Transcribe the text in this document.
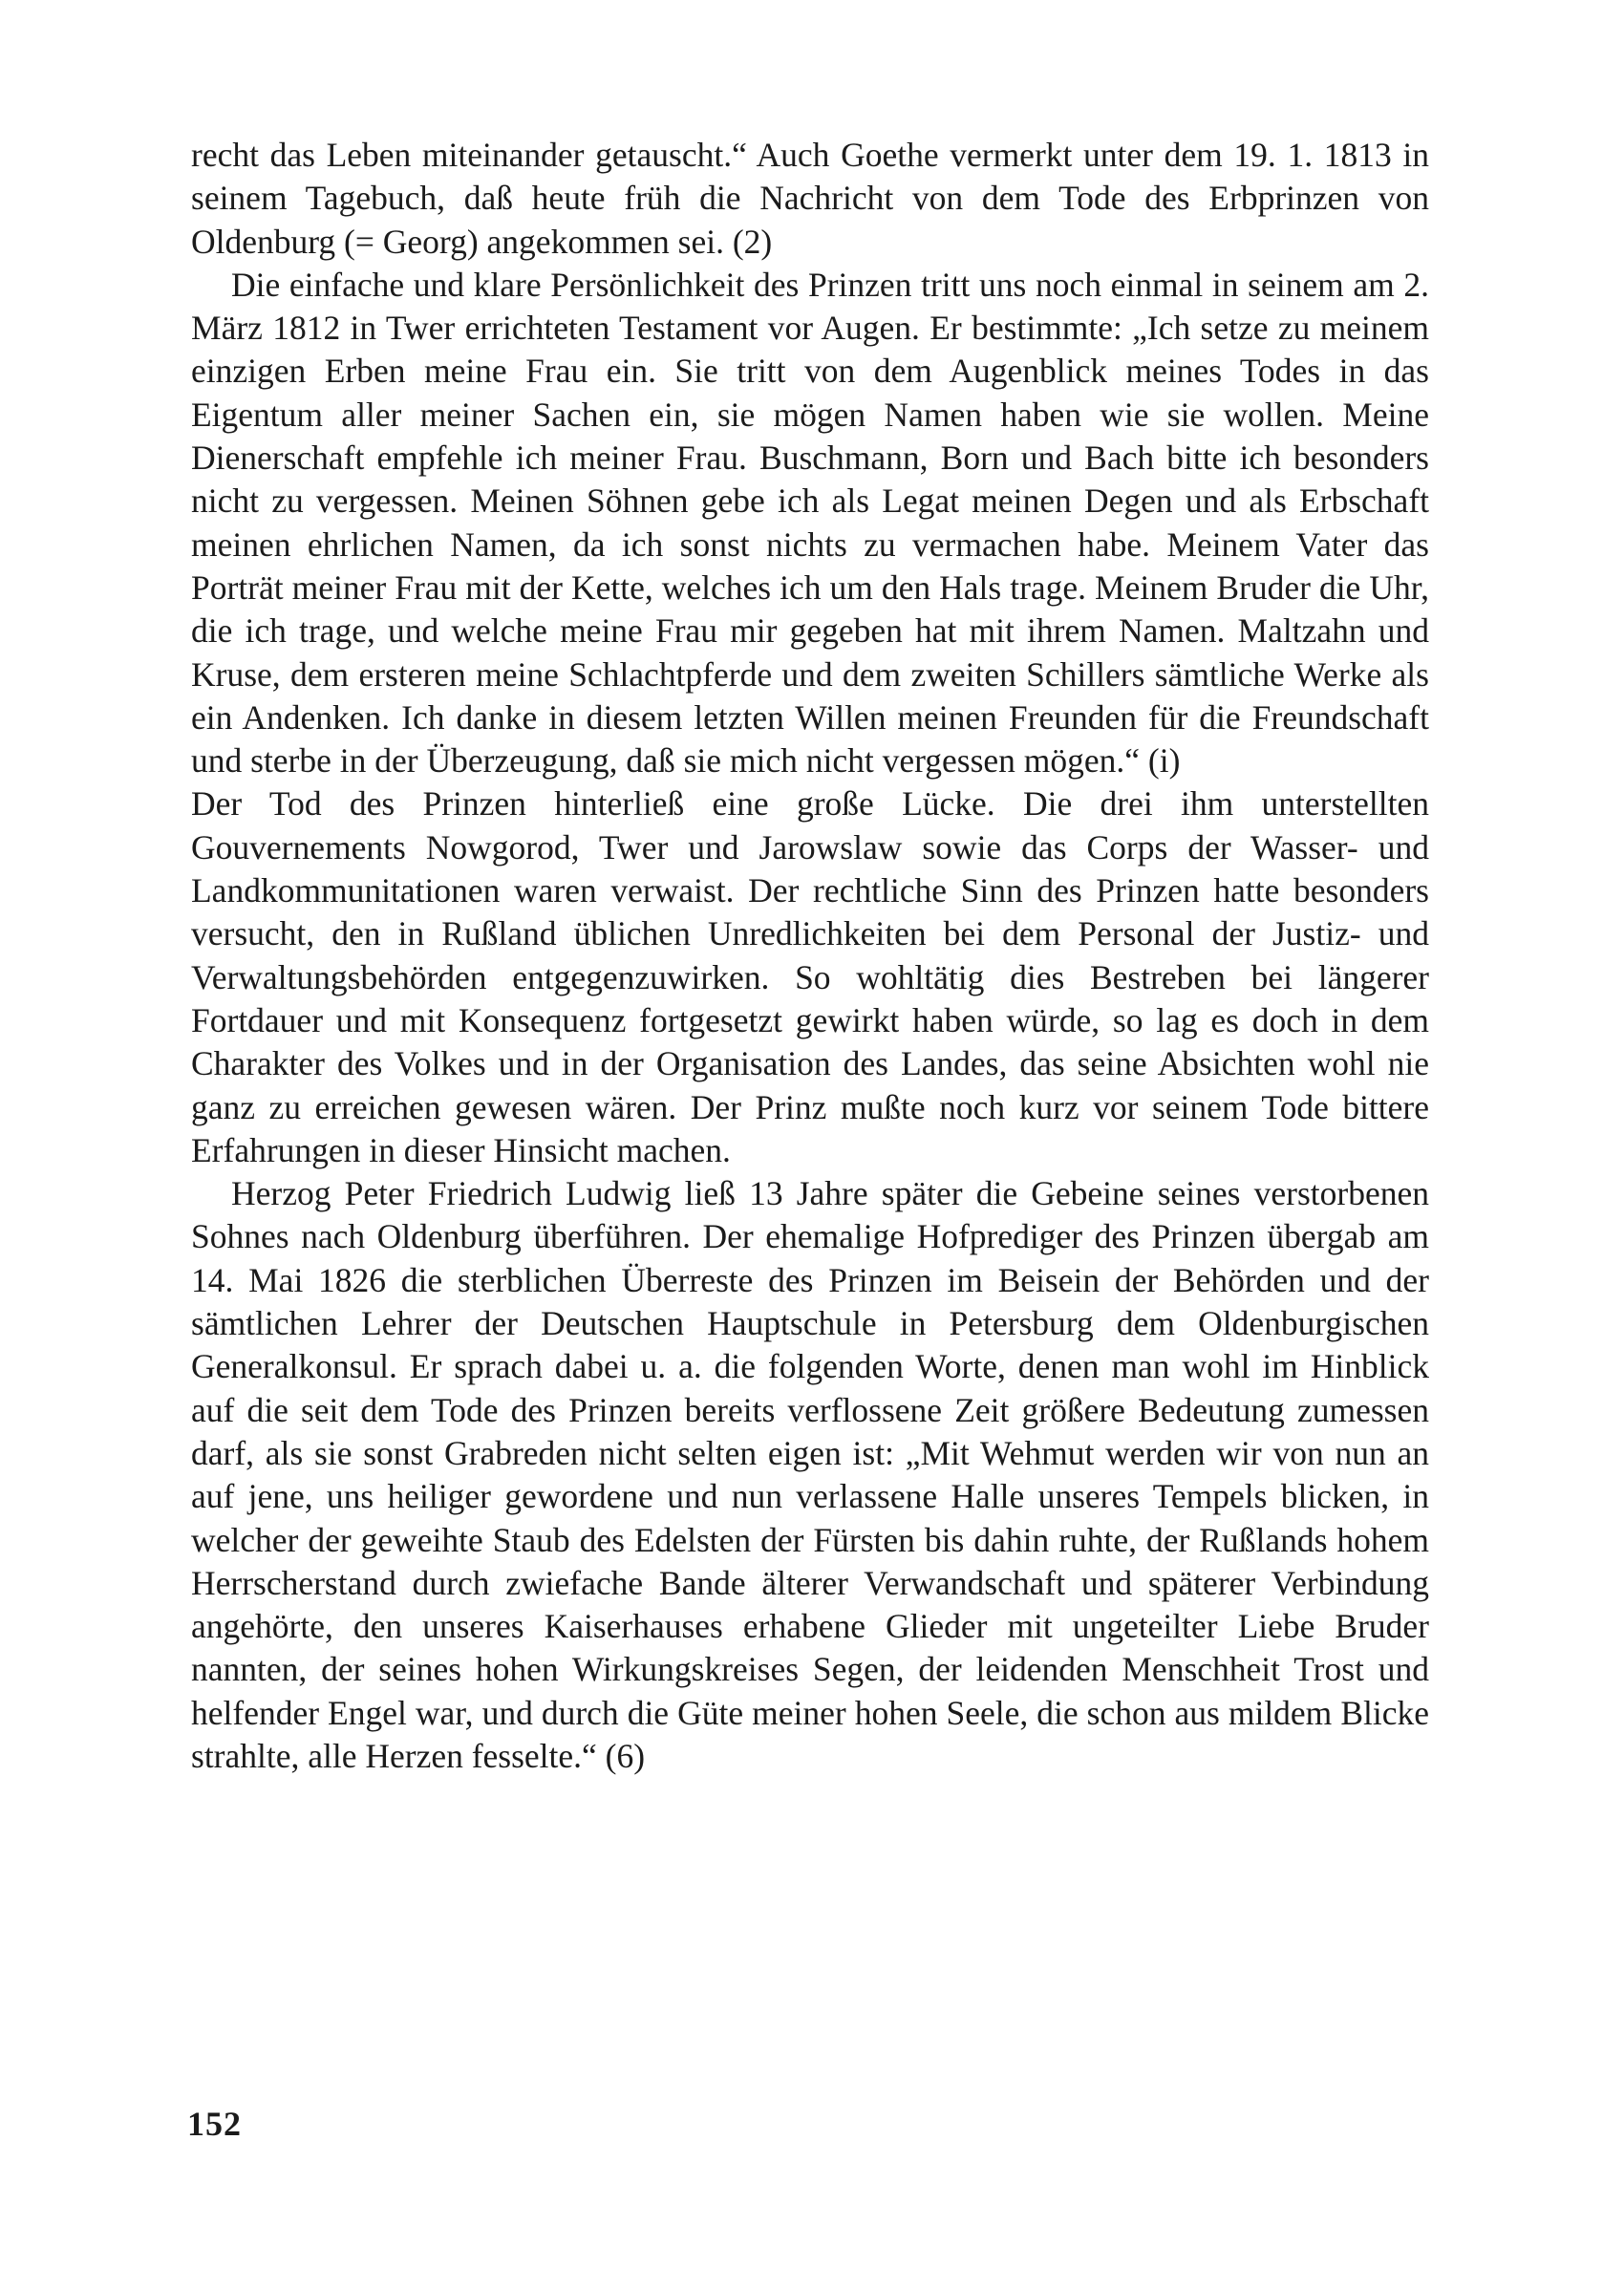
recht das Leben miteinander getauscht.“ Auch Goethe vermerkt unter dem 19. 1. 1813 in seinem Tagebuch, daß heute früh die Nachricht von dem Tode des Erbprinzen von Oldenburg (= Georg) angekommen sei. (2)

Die einfache und klare Persönlichkeit des Prinzen tritt uns noch einmal in seinem am 2. März 1812 in Twer errichteten Testament vor Augen. Er bestimmte: „Ich setze zu meinem einzigen Erben meine Frau ein. Sie tritt von dem Augenblick meines Todes in das Eigentum aller meiner Sachen ein, sie mögen Namen haben wie sie wollen. Meine Dienerschaft empfehle ich meiner Frau. Buschmann, Born und Bach bitte ich besonders nicht zu vergessen. Meinen Söhnen gebe ich als Legat meinen Degen und als Erbschaft meinen ehrlichen Namen, da ich sonst nichts zu vermachen habe. Meinem Vater das Porträt meiner Frau mit der Kette, welches ich um den Hals trage. Meinem Bruder die Uhr, die ich trage, und welche meine Frau mir gegeben hat mit ihrem Namen. Maltzahn und Kruse, dem ersteren meine Schlachtpferde und dem zweiten Schillers sämtliche Werke als ein Andenken. Ich danke in diesem letzten Willen meinen Freunden für die Freundschaft und sterbe in der Überzeugung, daß sie mich nicht vergessen mögen.“ (i)

Der Tod des Prinzen hinterließ eine große Lücke. Die drei ihm unterstellten Gouvernements Nowgorod, Twer und Jarowslaw sowie das Corps der Wasser- und Landkommunitationen waren verwaist. Der rechtliche Sinn des Prinzen hatte besonders versucht, den in Rußland üblichen Unredlichkeiten bei dem Personal der Justiz- und Verwaltungsbehörden entgegenzuwirken. So wohltätig dies Bestreben bei längerer Fortdauer und mit Konsequenz fortgesetzt gewirkt haben würde, so lag es doch in dem Charakter des Volkes und in der Organisation des Landes, das seine Absichten wohl nie ganz zu erreichen gewesen wären. Der Prinz mußte noch kurz vor seinem Tode bittere Erfahrungen in dieser Hinsicht machen.

Herzog Peter Friedrich Ludwig ließ 13 Jahre später die Gebeine seines verstorbenen Sohnes nach Oldenburg überführen. Der ehemalige Hofprediger des Prinzen übergab am 14. Mai 1826 die sterblichen Überreste des Prinzen im Beisein der Behörden und der sämtlichen Lehrer der Deutschen Hauptschule in Petersburg dem Oldenburgischen Generalkonsul. Er sprach dabei u. a. die folgenden Worte, denen man wohl im Hinblick auf die seit dem Tode des Prinzen bereits verflossene Zeit größere Bedeutung zumessen darf, als sie sonst Grabreden nicht selten eigen ist: „Mit Wehmut werden wir von nun an auf jene, uns heiliger gewordene und nun verlassene Halle unseres Tempels blicken, in welcher der geweihte Staub des Edelsten der Fürsten bis dahin ruhte, der Rußlands hohem Herrscherstand durch zwiefache Bande älterer Verwandschaft und späterer Verbindung angehörte, den unseres Kaiserhauses erhabene Glieder mit ungeteilter Liebe Bruder nannten, der seines hohen Wirkungskreises Segen, der leidenden Menschheit Trost und helfender Engel war, und durch die Güte meiner hohen Seele, die schon aus mildem Blicke strahlte, alle Herzen fesselte.“ (6)

152
